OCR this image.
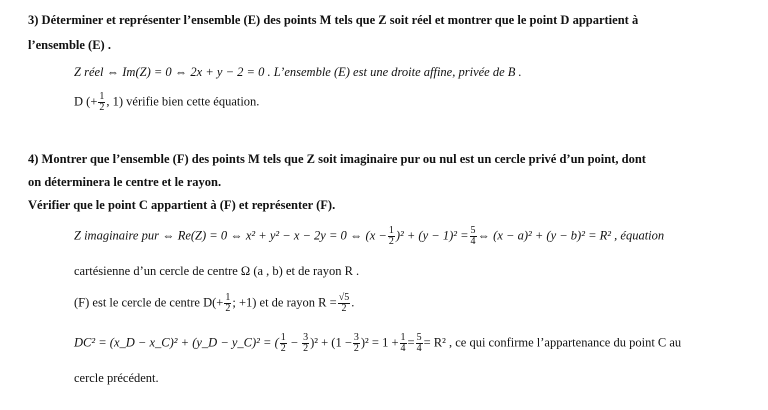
3) Déterminer et représenter l’ensemble (E) des points M tels que Z soit réel et montrer que le point D appartient à
l’ensemble (E) .
Z réel ⇔ Im(Z) = 0 ⇔ 2x + y − 2 = 0 . L’ensemble (E) est une droite affine, privée de B .
D (+ $\frac{1}{2}$ , 1) vérifie bien cette équation.
4) Montrer que l’ensemble (F) des points M tels que Z soit imaginaire pur ou nul est un cercle privé d’un point, dont
on déterminera le centre et le rayon.
Vérifier que le point C appartient à (F) et représenter (F).
Z imaginaire pur ⇔ Re(Z) = 0 ⇔ x² + y² − x − 2y = 0 ⇔ $(x - \frac{1}{2} )^2 + (y - 1)^2 = \frac{5}{4}$ ⇔ (x − a)² + (y − b)² = R² , équation
cartésienne d’un cercle de centre Ω (a , b) et de rayon R .
(F) est le cercle de centre $D(+ \frac{1}{2}$ ; +1) et de rayon $R = \frac{√5}{2}$ .
DC² = (x_D − x_C)² + (y_D − y_C)² = ( $\frac{1}{2} - \frac{3}{2} )^2 + (1 - \frac{3}{2} )^2 = 1 + \frac{1}{4} = \frac{5}{4} = R^2$ , ce qui confirme l’appartenance du point C au
cercle précédent.
